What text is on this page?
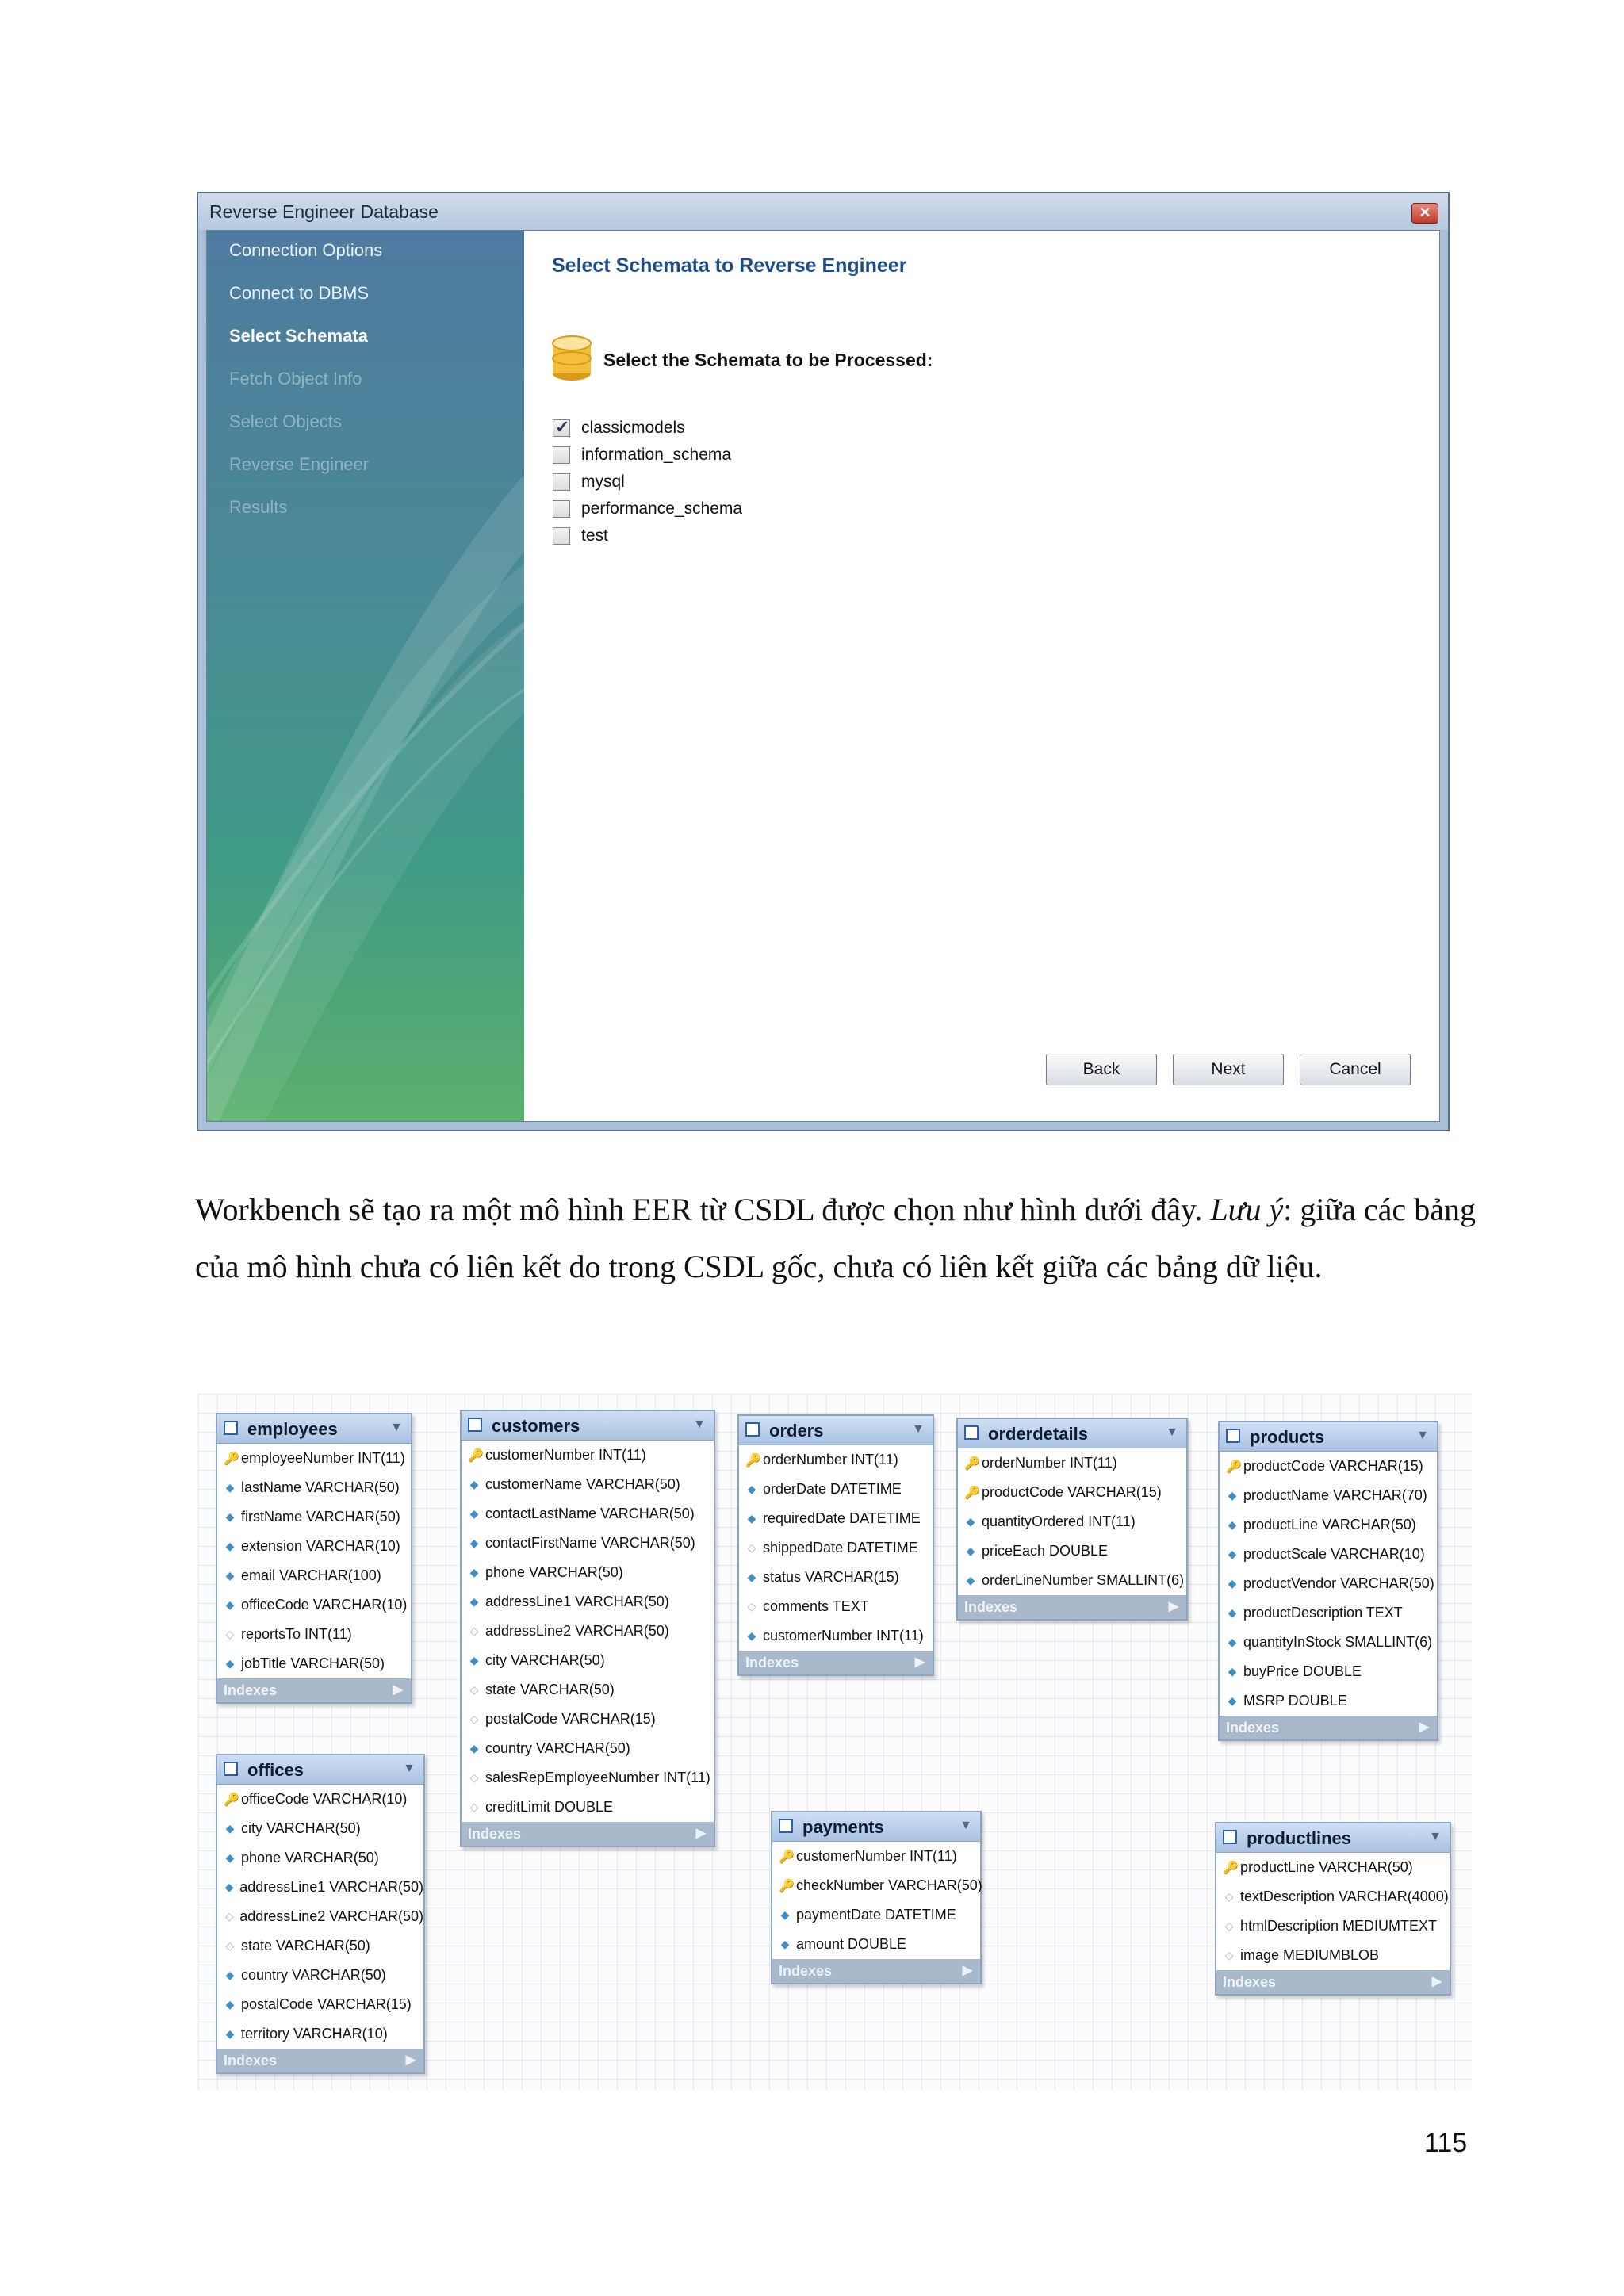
Reverse Engineer Database	✕
Connection Options
Connect to DBMS
Select Schemata
Fetch Object Info
Select Objects
Reverse Engineer
Results
Select Schemata to Reverse Engineer
Select the Schemata to be Processed:
✓ classicmodels
information_schema
mysql
performance_schema
test
Back	Next	Cancel
Workbench sẽ tạo ra một mô hình EER từ CSDL được chọn như hình dưới đây. Lưu ý: giữa các bảng của mô hình chưa có liên kết do trong CSDL gốc, chưa có liên kết giữa các bảng dữ liệu.
employees	▼
🔑 employeeNumber INT(11)
◆ lastName VARCHAR(50)
◆ firstName VARCHAR(50)
◆ extension VARCHAR(10)
◆ email VARCHAR(100)
◆ officeCode VARCHAR(10)
◇ reportsTo INT(11)
◆ jobTitle VARCHAR(50)
Indexes	▶
offices	▼
🔑 officeCode VARCHAR(10)
◆ city VARCHAR(50)
◆ phone VARCHAR(50)
◆ addressLine1 VARCHAR(50)
◇ addressLine2 VARCHAR(50)
◇ state VARCHAR(50)
◆ country VARCHAR(50)
◆ postalCode VARCHAR(15)
◆ territory VARCHAR(10)
Indexes	▶
customers	▼
🔑 customerNumber INT(11)
◆ customerName VARCHAR(50)
◆ contactLastName VARCHAR(50)
◆ contactFirstName VARCHAR(50)
◆ phone VARCHAR(50)
◆ addressLine1 VARCHAR(50)
◇ addressLine2 VARCHAR(50)
◆ city VARCHAR(50)
◇ state VARCHAR(50)
◇ postalCode VARCHAR(15)
◆ country VARCHAR(50)
◇ salesRepEmployeeNumber INT(11)
◇ creditLimit DOUBLE
Indexes	▶
orders	▼
🔑 orderNumber INT(11)
◆ orderDate DATETIME
◆ requiredDate DATETIME
◇ shippedDate DATETIME
◆ status VARCHAR(15)
◇ comments TEXT
◆ customerNumber INT(11)
Indexes	▶
payments	▼
🔑 customerNumber INT(11)
🔑 checkNumber VARCHAR(50)
◆ paymentDate DATETIME
◆ amount DOUBLE
Indexes	▶
orderdetails	▼
🔑 orderNumber INT(11)
🔑 productCode VARCHAR(15)
◆ quantityOrdered INT(11)
◆ priceEach DOUBLE
◆ orderLineNumber SMALLINT(6)
Indexes	▶
products	▼
🔑 productCode VARCHAR(15)
◆ productName VARCHAR(70)
◆ productLine VARCHAR(50)
◆ productScale VARCHAR(10)
◆ productVendor VARCHAR(50)
◆ productDescription TEXT
◆ quantityInStock SMALLINT(6)
◆ buyPrice DOUBLE
◆ MSRP DOUBLE
Indexes	▶
productlines	▼
🔑 productLine VARCHAR(50)
◇ textDescription VARCHAR(4000)
◇ htmlDescription MEDIUMTEXT
◇ image MEDIUMBLOB
Indexes	▶
115
